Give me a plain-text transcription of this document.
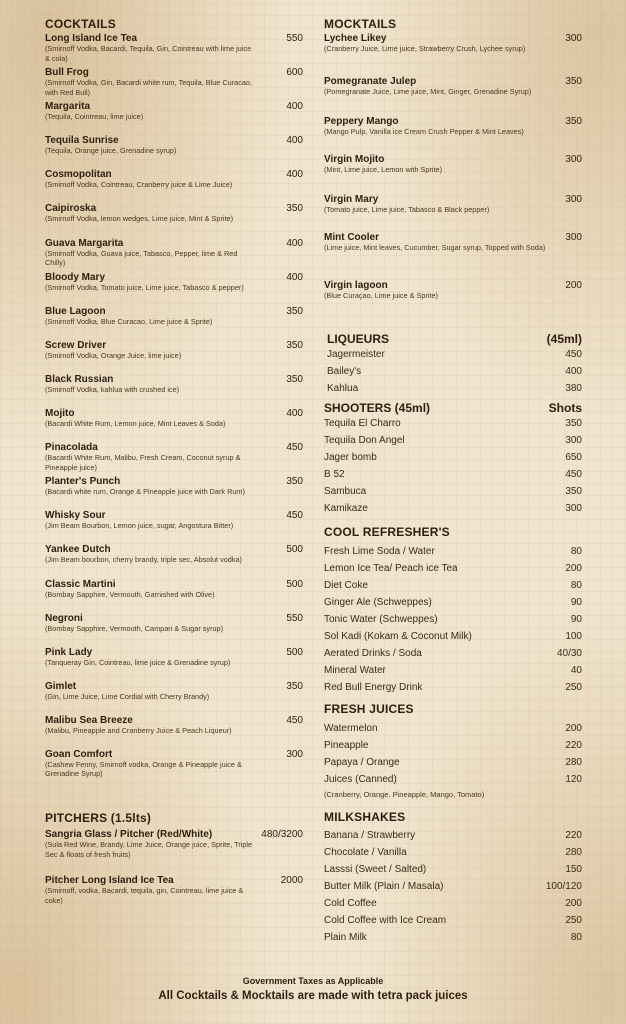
COCKTAILS
Long Island Ice Tea	550
(Smirnoff Vodka, Bacardi, Tequila, Gin, Cointreau with lime juice & cola)
Bull Frog	600
(Smirnoff Vodka, Gin, Bacardi white rum, Tequila, Blue Curacao, with Red Bull)
Margarita	400
(Tequila, Cointreau, lime juice)
Tequila Sunrise	400
(Tequila, Orange juice, Grenadine syrup)
Cosmopolitan	400
(Smirnoff Vodka, Cointreau, Cranberry juice & Lime Juice)
Caipiroska	350
(Smirnoff Vodka, lemon wedges, Lime juice, Mint & Sprite)
Guava Margarita	400
(Smirnoff Vodka, Guava juice, Tabasco, Pepper, lime & Red Chilly)
Bloody Mary	400
(Smirnoff Vodka, Tomato juice, Lime juice, Tabasco & pepper)
Blue Lagoon	350
(Smirnoff Vodka, Blue Curacao, Lime juice & Sprite)
Screw Driver	350
(Smirnoff Vodka, Orange Juice, lime juice)
Black Russian	350
(Smirnoff Vodka, kahlua with crushed ice)
Mojito	400
(Bacardi White Rum, Lemon juice, Mint Leaves & Soda)
Pinacolada	450
(Bacardi White Rum, Malibu, Fresh Cream, Coconut syrup & Pineapple juice)
Planter's Punch	350
(Bacardi white rum, Orange & Pineapple juice with Dark Rum)
Whisky Sour	450
(Jim Beam Bourbon, Lemon juice, sugar, Angostura Bitter)
Yankee Dutch	500
(Jim Beam bourbon, cherry brandy, triple sec, Absolut vodka)
Classic Martini	500
(Bombay Sapphire, Vermouth, Garnished with Olive)
Negroni	550
(Bombay Sapphire, Vermouth, Campari & Sugar syrup)
Pink Lady	500
(Tanqueray Gin, Cointreau, lime juice & Grenadine syrup)
Gimlet	350
(Gin, Lime Juice, Lime Cordial with Cherry Brandy)
Malibu Sea Breeze	450
(Malibu, Pineapple and Cranberry Juice & Peach Liqueur)
Goan Comfort	300
(Cashew Fenny, Smirnoff vodka, Orange & Pineapple juice & Grenadine Syrup)
PITCHERS (1.5lts)
Sangria Glass / Pitcher (Red/White)	480/3200
(Sula Red Wine, Brandy, Lime Juice, Orange juice, Sprite, Triple Sec & floats of fresh fruits)
Pitcher Long Island Ice Tea	2000
(Smirnoff, vodka, Bacardi, tequila, gin, Cointreau, lime juice & coke)
MOCKTAILS
Lychee Likey	300
(Cranberry Juice, Lime juice, Strawberry Crush, Lychee syrup)
Pomegranate Julep	350
(Pomegranate Juice, Lime juice, Mint, Ginger, Grenadine Syrup)
Peppery Mango	350
(Mango Pulp, Vanilla ice Cream Crush Pepper & Mint Leaves)
Virgin Mojito	300
(Mint, Lime juice, Lemon with Sprite)
Virgin Mary	300
(Tomato juice, Lime juice, Tabasco & Black pepper)
Mint Cooler	300
(Lime juice, Mint leaves, Cucumber, Sugar syrup, Topped with Soda)
Virgin lagoon	200
(Blue Curaçao, Lime juice & Sprite)
LIQUEURS	(45ml)
Jagermeister	450
Bailey's	400
Kahlua	380
SHOOTERS (45ml)	Shots
Tequila El Charro	350
Tequila Don Angel	300
Jager bomb	650
B 52	450
Sambuca	350
Kamikaze	300
COOL REFRESHER'S
Fresh Lime Soda / Water	80
Lemon Ice Tea/ Peach ice Tea	200
Diet Coke	80
Ginger Ale (Schweppes)	90
Tonic Water (Schweppes)	90
Sol Kadi (Kokam & Coconut Milk)	100
Aerated Drinks / Soda	40/30
Mineral Water	40
Red Bull Energy Drink	250
FRESH JUICES
Watermelon	200
Pineapple	220
Papaya / Orange	280
Juices (Canned)	120
(Cranberry, Orange, Pineapple, Mango, Tomato)
MILKSHAKES
Banana / Strawberry	220
Chocolate / Vanilla	280
Lasssi (Sweet / Salted)	150
Butter Milk (Plain / Masala)	100/120
Cold Coffee	200
Cold Coffee with Ice Cream	250
Plain Milk	80
Government Taxes as Applicable
All Cocktails & Mocktails are made with tetra pack juices
